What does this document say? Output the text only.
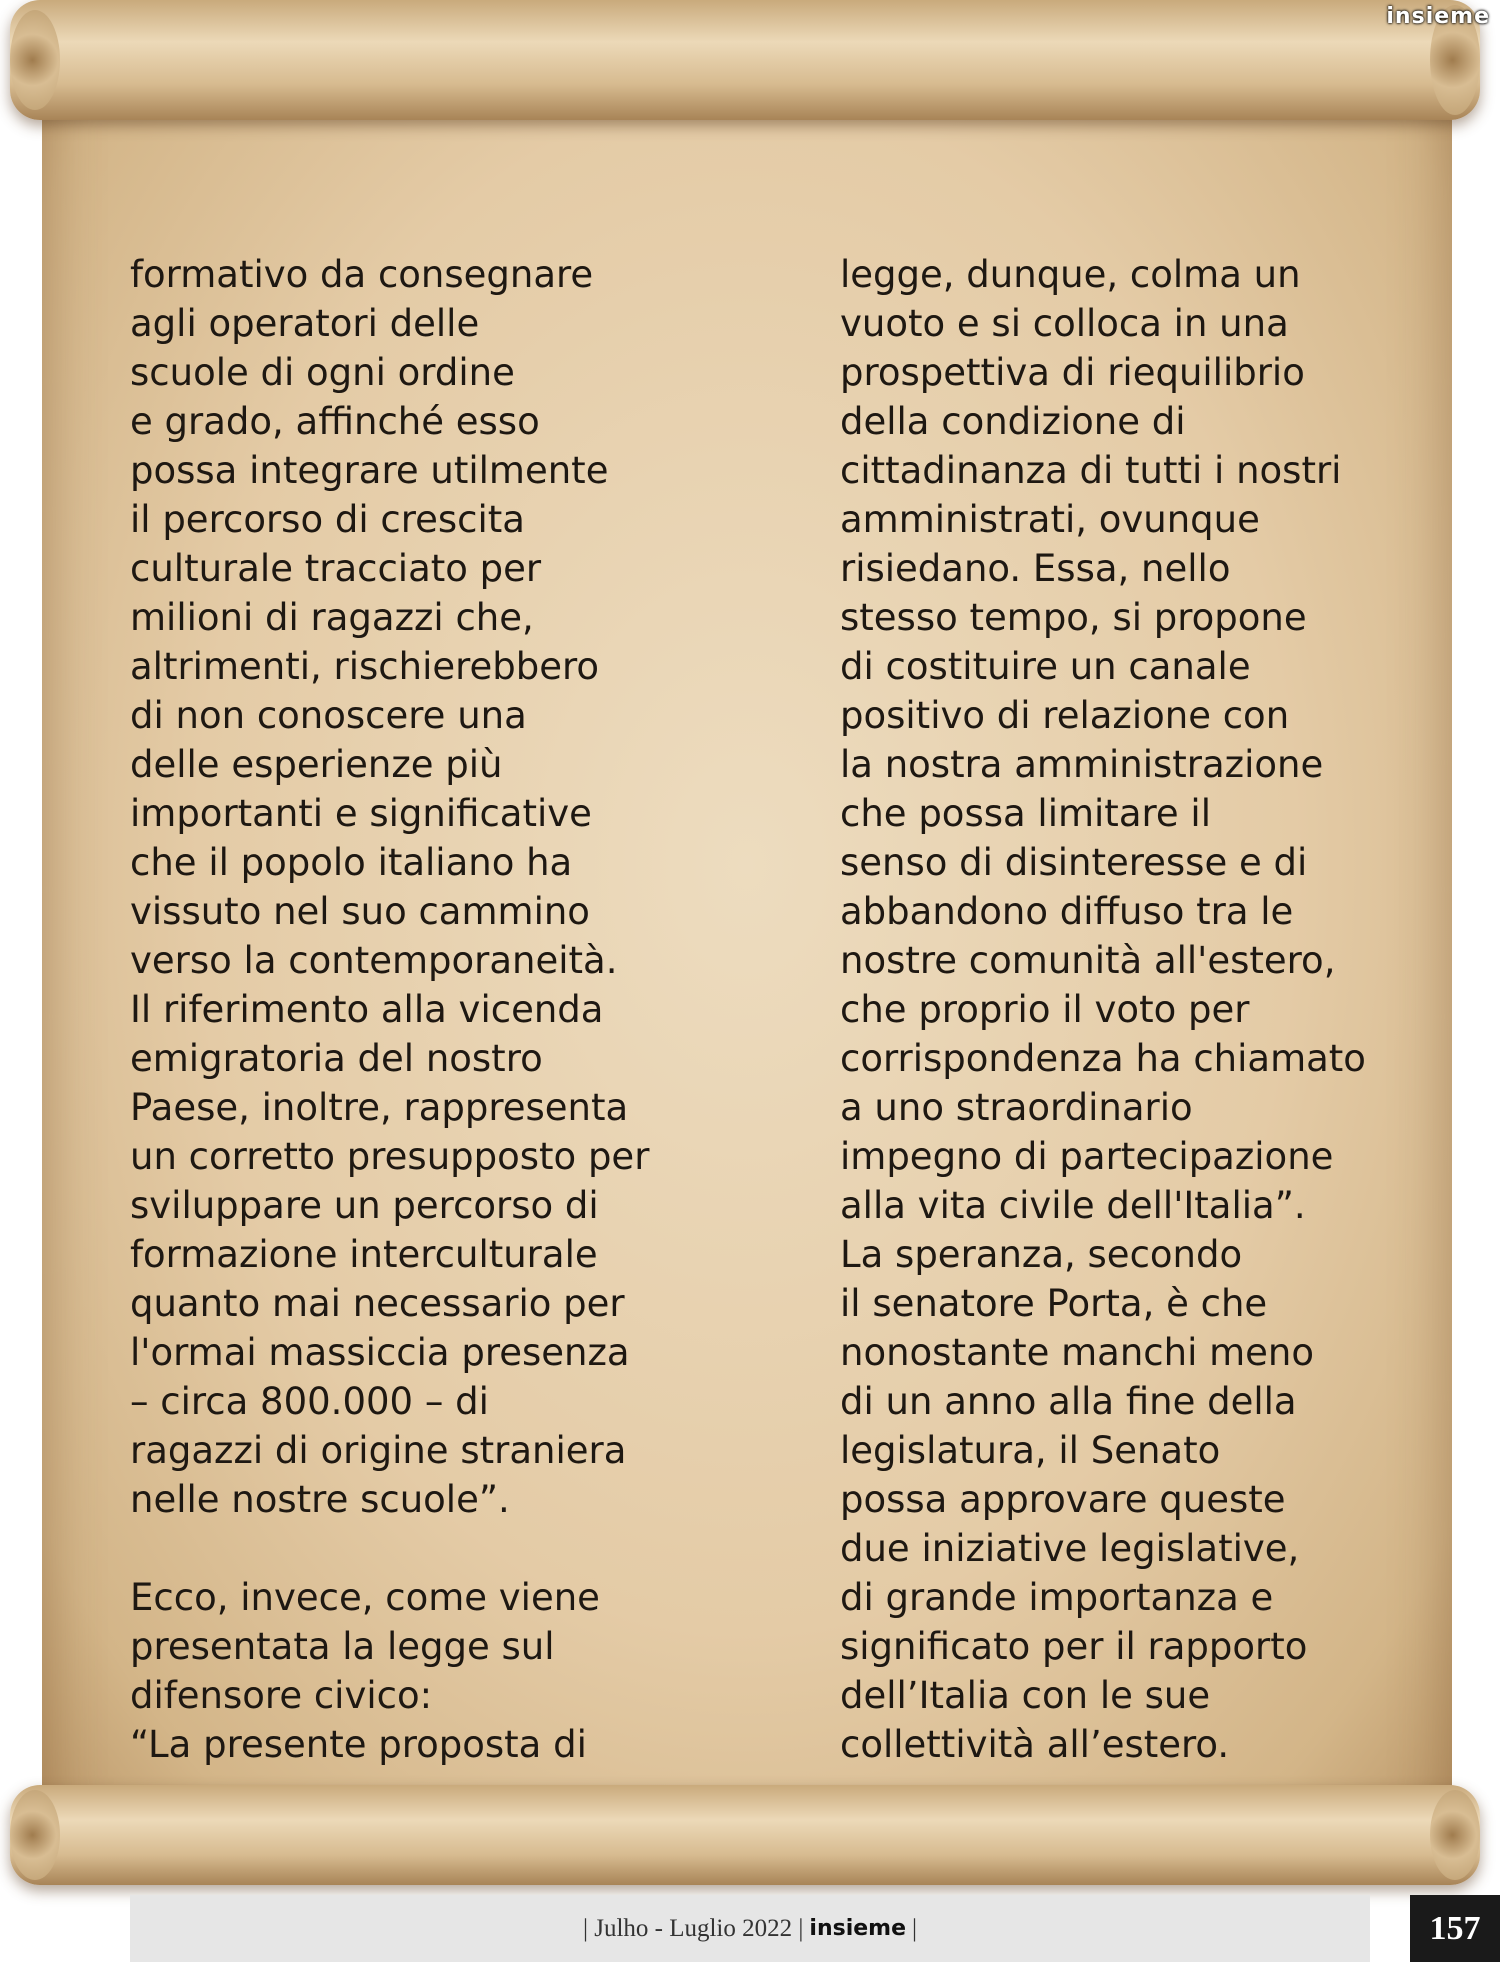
insieme
formativo da consegnare
agli operatori delle
scuole di ogni ordine
e grado, affinché esso
possa integrare utilmente
il percorso di crescita
culturale tracciato per
milioni di ragazzi che,
altrimenti, rischierebbero
di non conoscere una
delle esperienze più
importanti e significative
che il popolo italiano ha
vissuto nel suo cammino
verso la contemporaneità.
Il riferimento alla vicenda
emigratoria del nostro
Paese, inoltre, rappresenta
un corretto presupposto per
sviluppare un percorso di
formazione interculturale
quanto mai necessario per
l'ormai massiccia presenza
– circa 800.000 – di
ragazzi di origine straniera
nelle nostre scuole”.
Ecco, invece, come viene
presentata la legge sul
difensore civico:
“La presente proposta di
legge, dunque, colma un
vuoto e si colloca in una
prospettiva di riequilibrio
della condizione di
cittadinanza di tutti i nostri
amministrati, ovunque
risiedano. Essa, nello
stesso tempo, si propone
di costituire un canale
positivo di relazione con
la nostra amministrazione
che possa limitare il
senso di disinteresse e di
abbandono diffuso tra le
nostre comunità all'estero,
che proprio il voto per
corrispondenza ha chiamato
a uno straordinario
impegno di partecipazione
alla vita civile dell'Italia”.
La speranza, secondo
il senatore Porta, è che
nonostante manchi meno
di un anno alla fine della
legislatura, il Senato
possa approvare queste
due iniziative legislative,
di grande importanza e
significato per il rapporto
dell’Italia con le sue
collettività all’estero.
|
Julho - Luglio 2022
| insieme |	157
